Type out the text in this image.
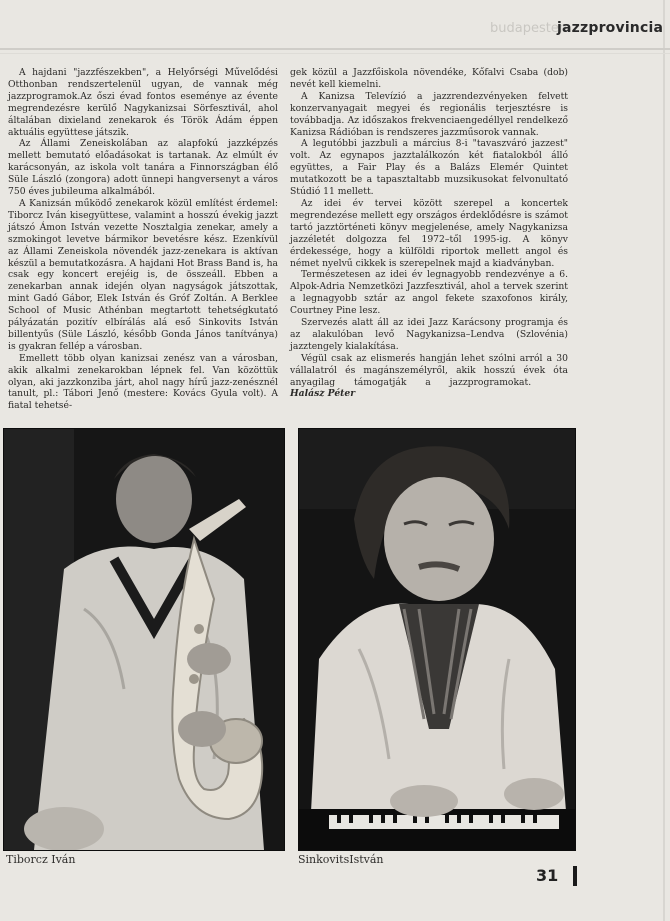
budapesten
jazzprovincia

A hajdani "jazzfészekben", a Helyőrségi Művelődési Otthonban rendszertelenül ugyan, de vannak még jazzprogramok.Az őszi évad fontos eseménye az évente megrendezésre kerülő Nagykanizsai Sörfesztivál, ahol általában dixieland zenekarok és Török Ádám éppen aktuális együttese játszik.

Az Állami Zeneiskolában az alapfokú jazzképzés mellett bemutató előadásokat is tartanak. Az elmúlt év karácsonyán, az iskola volt tanára a Finnországban élő Süle László (zongora) adott ünnepi hangversenyt a város 750 éves jubileuma alkalmából.

A Kanizsán működő zenekarok közül említést érdemel: Tiborcz Iván kisegyüttese, valamint a hosszú évekig jazzt játszó Ámon István vezette Nosztalgia zenekar, amely a szmokingot levetve bármikor bevetésre kész. Ezenkívül az Állami Zeneiskola növendék jazz-zenekara is aktívan készül a bemutatkozásra. A hajdani Hot Brass Band is, ha csak egy koncert erejéig is, de összeáll. Ebben a zenekarban annak idején olyan nagyságok játszottak, mint Gadó Gábor, Elek István és Gróf Zoltán. A Berklee School of Music Athénban megtartott tehetségkutató pályázatán pozitív elbírálás alá eső Sinkovits István billentyűs (Süle László, később Gonda János tanítványa) is gyakran fellép a városban.

Emellett több olyan kanizsai zenész van a városban, akik alkalmi zenekarokban lépnek fel. Van közöttük olyan, aki jazzkonziba járt, ahol nagy hírű jazz-zenésznél tanult, pl.: Tábori Jenő (mestere: Kovács Gyula volt). A fiatal tehetsé-

gek közül a Jazzfőiskola növendéke, Kőfalvi Csaba (dob) nevét kell kiemelni.

A Kanizsa Televízió a jazzrendezvényeken felvett konzervanyagait megyei és regionális terjesztésre is továbbadja. Az időszakos frekvenciaengedéllyel rendelkező Kanizsa Rádióban is rendszeres jazzműsorok vannak.

A legutóbbi jazzbuli a március 8-i "tavaszváró jazzest" volt. Az egynapos jazztalálkozón két fiatalokból álló együttes, a Fair Play és a Balázs Elemér Quintet mutatkozott be a tapasztaltabb muzsikusokat felvonultató Stúdió 11 mellett.

Az idei év tervei között szerepel a koncertek megrendezése mellett egy országos érdeklődésre is számot tartó jazztörténeti könyv megjelenése, amely Nagykanizsa jazzéletét dolgozza fel 1972–től 1995-ig. A könyv érdekessége, hogy a külföldi riportok mellett angol és német nyelvű cikkek is szerepelnek majd a kiadványban.

Természetesen az idei év legnagyobb rendezvénye a 6. Alpok-Adria Nemzetközi Jazzfesztivál, ahol a tervek szerint a legnagyobb sztár az angol fekete szaxofonos király, Courtney Pine lesz.

Szervezés alatt áll az idei Jazz Karácsony programja és az alakulóban levő Nagykanizsa–Lendva (Szlovénia) jazztengely kialakítása.

Végül csak az elismerés hangján lehet szólni arról a 30 vállalatról és magánszemélyről, akik hosszú évek óta anyagilag támogatják a jazzprogramokat.  Halász Péter

Tiborcz Iván	SinkovitsIstván
31
